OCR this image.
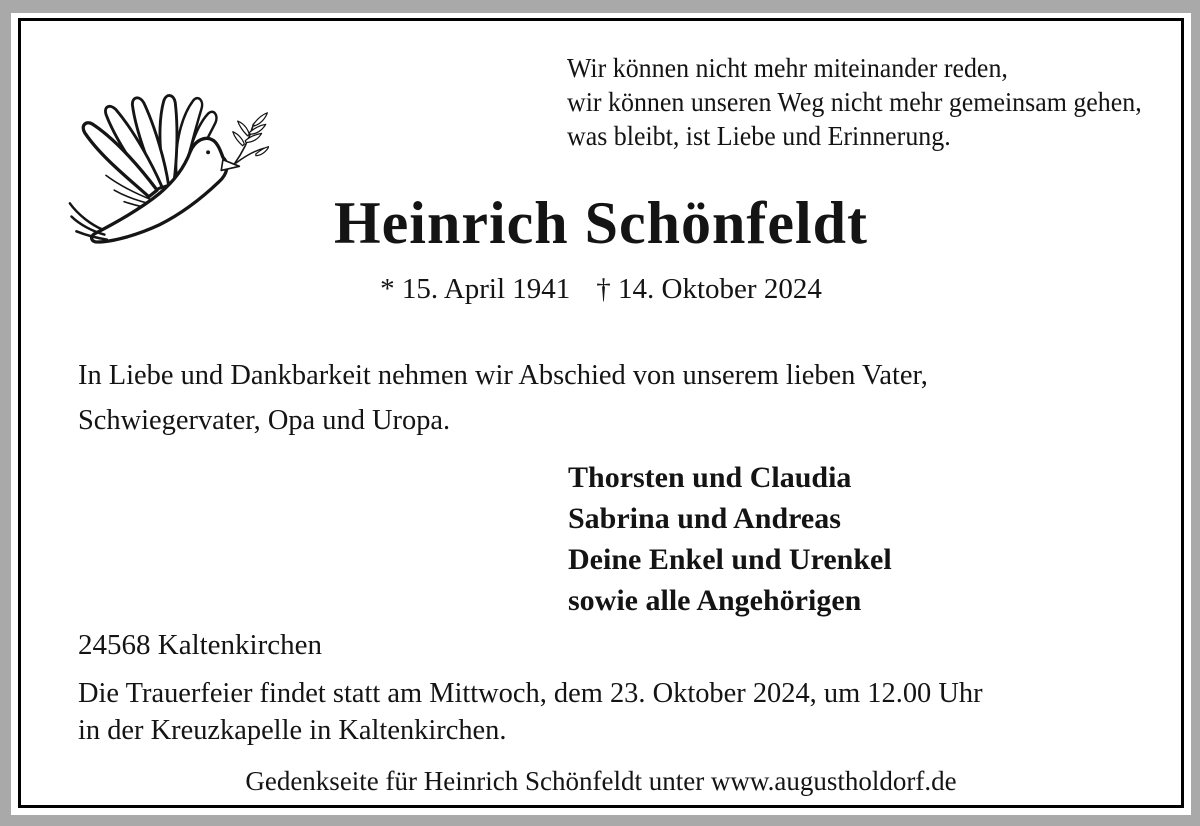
Wir können nicht mehr miteinander reden,
wir können unseren Weg nicht mehr gemeinsam gehen,
was bleibt, ist Liebe und Erinnerung.
Heinrich Schönfeldt
* 15. April 1941 † 14. Oktober 2024
In Liebe und Dankbarkeit nehmen wir Abschied von unserem lieben Vater,
Schwiegervater, Opa und Uropa.
Thorsten und Claudia
Sabrina und Andreas
Deine Enkel und Urenkel
sowie alle Angehörigen
24568 Kaltenkirchen
Die Trauerfeier findet statt am Mittwoch, dem 23. Oktober 2024, um 12.00 Uhr
in der Kreuzkapelle in Kaltenkirchen.
Gedenkseite für Heinrich Schönfeldt unter www.augustholdorf.de
